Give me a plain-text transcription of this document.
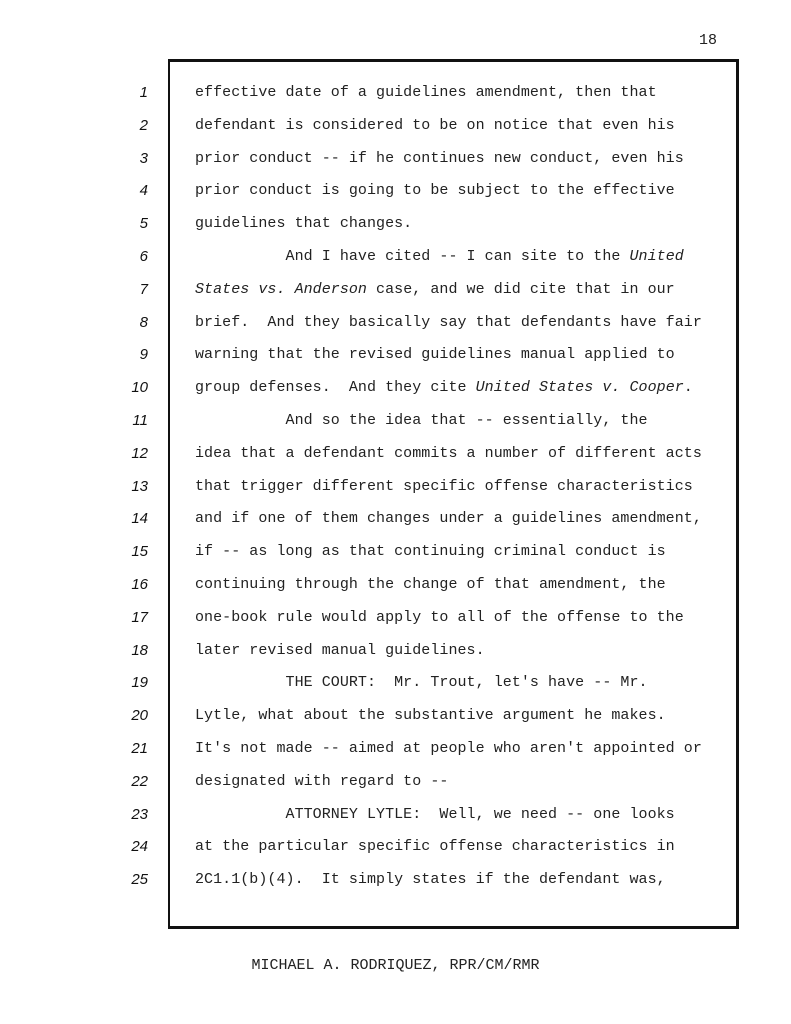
18
1	effective date of a guidelines amendment, then that
2	defendant is considered to be on notice that even his
3	prior conduct -- if he continues new conduct, even his
4	prior conduct is going to be subject to the effective
5	guidelines that changes.
6	And I have cited -- I can site to the United
7	States vs. Anderson case, and we did cite that in our
8	brief.  And they basically say that defendants have fair
9	warning that the revised guidelines manual applied to
10	group defenses.  And they cite United States v. Cooper.
11	And so the idea that -- essentially, the
12	idea that a defendant commits a number of different acts
13	that trigger different specific offense characteristics
14	and if one of them changes under a guidelines amendment,
15	if -- as long as that continuing criminal conduct is
16	continuing through the change of that amendment, the
17	one-book rule would apply to all of the offense to the
18	later revised manual guidelines.
19	THE COURT:  Mr. Trout, let's have -- Mr.
20	Lytle, what about the substantive argument he makes.
21	It's not made -- aimed at people who aren't appointed or
22	designated with regard to --
23	ATTORNEY LYTLE:  Well, we need -- one looks
24	at the particular specific offense characteristics in
25	2C1.1(b)(4).  It simply states if the defendant was,
MICHAEL A. RODRIQUEZ, RPR/CM/RMR
